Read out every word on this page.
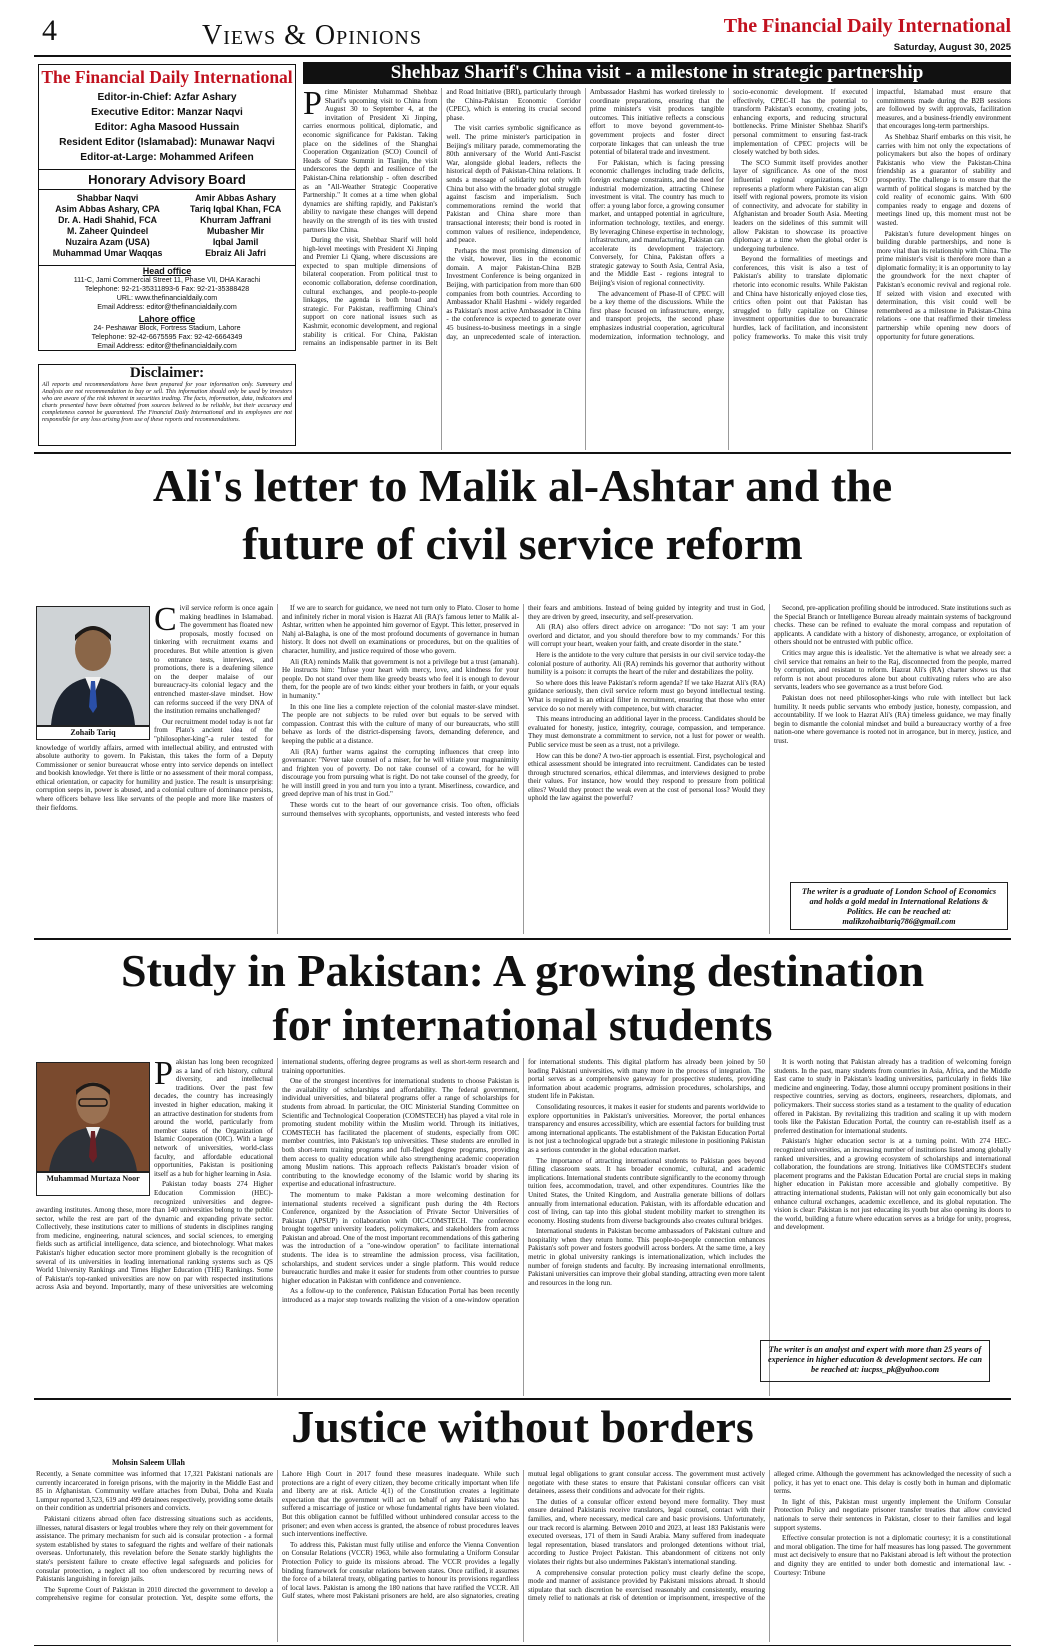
4	Views & Opinions	The Financial Daily International
Saturday, August 30, 2025
The Financial Daily International
Editor-in-Chief: Azfar Ashary
Executive Editor: Manzar Naqvi
Editor: Agha Masood Hussain
Resident Editor (Islamabad): Munawar Naqvi
Editor-at-Large: Mohammed Arifeen
Honorary Advisory Board
Shabbar Naqvi
Asim Abbas Ashary, CPA
Dr. A. Hadi Shahid, FCA
M. Zaheer Quindeel
Nuzaira Azam (USA)
Muhammad Umar Waqqas
Amir Abbas Ashary
Tariq Iqbal Khan, FCA
Khurram Jaffrani
Mubasher Mir
Iqbal Jamil
Ebraiz Ali Jafri
Head office
111-C, Jami Commercial Street 11, Phase VII, DHA Karachi
Telephone: 92-21-35311893-6 Fax: 92-21-35388428
URL: www.thefinancialdaily.com
Email Address: editor@thefinancialdaily.com
Lahore office
24- Peshawar Block, Fortress Stadium, Lahore
Telephone: 92-42-6675595 Fax: 92-42-6664349
Email Address: editor@thefinancialdaily.com
Disclaimer:
All reports and recommendations have been prepared for your information only. Summary and Analysis are not recommendation to buy or sell. This information should only be used by investors who are aware of the risk inherent in securities trading. The facts, information, data, indicators and charts presented have been obtained from sources believed to be reliable, but their accuracy and completeness cannot be guaranteed. The Financial Daily International and its employees are not responsible for any loss arising from use of these reports and recommendations.
Shehbaz Sharif's China visit - a milestone in strategic partnership

Prime Minister Muhammad Shehbaz Sharif's upcoming visit to China from August 30 to September 4, at the invitation of President Xi Jinping, carries enormous political, diplomatic, and economic significance for Pakistan. Taking place on the sidelines of the Shanghai Cooperation Organization (SCO) Council of Heads of State Summit in Tianjin, the visit underscores the depth and resilience of the Pakistan-China relationship - often described as an "All-Weather Strategic Cooperative Partnership." It comes at a time when global dynamics are shifting rapidly, and Pakistan's ability to navigate these changes will depend heavily on the strength of its ties with trusted partners like China.

During the visit, Shehbaz Sharif will hold high-level meetings with President Xi Jinping and Premier Li Qiang, where discussions are expected to span multiple dimensions of bilateral cooperation. From political trust to economic collaboration, defense coordination, cultural exchanges, and people-to-people linkages, the agenda is both broad and strategic. For Pakistan, reaffirming China's support on core national issues such as Kashmir, economic development, and regional stability is critical. For China, Pakistan remains an indispensable partner in its Belt and Road Initiative (BRI), particularly through the China-Pakistan Economic Corridor (CPEC), which is entering its crucial second phase.

The visit carries symbolic significance as well. The prime minister's participation in Beijing's military parade, commemorating the 80th anniversary of the World Anti-Fascist War, alongside global leaders, reflects the historical depth of Pakistan-China relations. It sends a message of solidarity not only with China but also with the broader global struggle against fascism and imperialism. Such commemorations remind the world that Pakistan and China share more than transactional interests; their bond is rooted in common values of resilience, independence, and peace.

Perhaps the most promising dimension of the visit, however, lies in the economic domain. A major Pakistan-China B2B Investment Conference is being organized in Beijing, with participation from more than 600 companies from both countries. According to Ambassador Khalil Hashmi - widely regarded as Pakistan's most active Ambassador in China - the conference is expected to generate over 45 business-to-business meetings in a single day, an unprecedented scale of interaction. Ambassador Hashmi has worked tirelessly to coordinate preparations, ensuring that the prime minister's visit produces tangible outcomes. This initiative reflects a conscious effort to move beyond government-to-government projects and foster direct corporate linkages that can unleash the true potential of bilateral trade and investment.

For Pakistan, which is facing pressing economic challenges including trade deficits, foreign exchange constraints, and the need for industrial modernization, attracting Chinese investment is vital. The country has much to offer: a young labor force, a growing consumer market, and untapped potential in agriculture, information technology, textiles, and energy. By leveraging Chinese expertise in technology, infrastructure, and manufacturing, Pakistan can accelerate its development trajectory. Conversely, for China, Pakistan offers a strategic gateway to South Asia, Central Asia, and the Middle East - regions integral to Beijing's vision of regional connectivity.

The advancement of Phase-II of CPEC will be a key theme of the discussions. While the first phase focused on infrastructure, energy, and transport projects, the second phase emphasizes industrial cooperation, agricultural modernization, information technology, and socio-economic development. If executed effectively, CPEC-II has the potential to transform Pakistan's economy, creating jobs, enhancing exports, and reducing structural bottlenecks. Prime Minister Shehbaz Sharif's personal commitment to ensuring fast-track implementation of CPEC projects will be closely watched by both sides.

The SCO Summit itself provides another layer of significance. As one of the most influential regional organizations, SCO represents a platform where Pakistan can align itself with regional powers, promote its vision of connectivity, and advocate for stability in Afghanistan and broader South Asia. Meeting leaders on the sidelines of this summit will allow Pakistan to showcase its proactive diplomacy at a time when the global order is undergoing turbulence.

Beyond the formalities of meetings and conferences, this visit is also a test of Pakistan's ability to translate diplomatic rhetoric into economic results. While Pakistan and China have historically enjoyed close ties, critics often point out that Pakistan has struggled to fully capitalize on Chinese investment opportunities due to bureaucratic hurdles, lack of facilitation, and inconsistent policy frameworks. To make this visit truly impactful, Islamabad must ensure that commitments made during the B2B sessions are followed by swift approvals, facilitation measures, and a business-friendly environment that encourages long-term partnerships.

As Shehbaz Sharif embarks on this visit, he carries with him not only the expectations of policymakers but also the hopes of ordinary Pakistanis who view the Pakistan-China friendship as a guarantor of stability and prosperity. The challenge is to ensure that the warmth of political slogans is matched by the cold reality of economic gains. With 600 companies ready to engage and dozens of meetings lined up, this moment must not be wasted.

Pakistan's future development hinges on building durable partnerships, and none is more vital than its relationship with China. The prime minister's visit is therefore more than a diplomatic formality; it is an opportunity to lay the groundwork for the next chapter of Pakistan's economic revival and regional role. If seized with vision and executed with determination, this visit could well be remembered as a milestone in Pakistan-China relations - one that reaffirmed their timeless partnership while opening new doors of opportunity for future generations.

Ali's letter to Malik al-Ashtar and the
future of civil service reform
Zohaib Tariq

Civil service reform is once again making headlines in Islamabad. The government has floated new proposals, mostly focused on tinkering with recruitment exams and procedures. But while attention is given to entrance tests, interviews, and promotions, there is a deafening silence on the deeper malaise of our bureaucracy-its colonial legacy and the entrenched master-slave mindset. How can reforms succeed if the very DNA of the institution remains unchallenged?

Our recruitment model today is not far from Plato's ancient idea of the "philosopher-king"-a ruler tested for knowledge of worldly affairs, armed with intellectual ability, and entrusted with absolute authority to govern. In Pakistan, this takes the form of a Deputy Commissioner or senior bureaucrat whose entry into service depends on intellect and bookish knowledge. Yet there is little or no assessment of their moral compass, ethical orientation, or capacity for humility and justice. The result is unsurprising: corruption seeps in, power is abused, and a colonial culture of dominance persists, where officers behave less like servants of the people and more like masters of their fiefdoms.

If we are to search for guidance, we need not turn only to Plato. Closer to home and infinitely richer in moral vision is Hazrat Ali (RA)'s famous letter to Malik al-Ashtar, written when he appointed him governor of Egypt. This letter, preserved in Nahj al-Balagha, is one of the most profound documents of governance in human history. It does not dwell on examinations or procedures, but on the qualities of character, humility, and justice required of those who govern.

Ali (RA) reminds Malik that government is not a privilege but a trust (amanah). He instructs him: "Infuse your heart with mercy, love, and kindness for your people. Do not stand over them like greedy beasts who feel it is enough to devour them, for the people are of two kinds: either your brothers in faith, or your equals in humanity."

In this one line lies a complete rejection of the colonial master-slave mindset. The people are not subjects to be ruled over but equals to be served with compassion. Contrast this with the culture of many of our bureaucrats, who still behave as lords of the district-dispensing favors, demanding deference, and keeping the public at a distance.

Ali (RA) further warns against the corrupting influences that creep into governance: "Never take counsel of a miser, for he will vitiate your magnanimity and frighten you of poverty. Do not take counsel of a coward, for he will discourage you from pursuing what is right. Do not take counsel of the greedy, for he will instill greed in you and turn you into a tyrant. Miserliness, cowardice, and greed deprive man of his trust in God."

These words cut to the heart of our governance crisis. Too often, officials surround themselves with sycophants, opportunists, and vested interests who feed their fears and ambitions. Instead of being guided by integrity and trust in God, they are driven by greed, insecurity, and self-preservation.

Ali (RA) also offers direct advice on arrogance: "Do not say: 'I am your overlord and dictator, and you should therefore bow to my commands.' For this will corrupt your heart, weaken your faith, and create disorder in the state."

Here is the antidote to the very culture that persists in our civil service today-the colonial posture of authority. Ali (RA) reminds his governor that authority without humility is a poison: it corrupts the heart of the ruler and destabilizes the polity.

So where does this leave Pakistan's reform agenda? If we take Hazrat Ali's (RA) guidance seriously, then civil service reform must go beyond intellectual testing. What is required is an ethical filter in recruitment, ensuring that those who enter service do so not merely with competence, but with character.

This means introducing an additional layer in the process. Candidates should be evaluated for honesty, justice, integrity, courage, compassion, and temperance. They must demonstrate a commitment to service, not a lust for power or wealth. Public service must be seen as a trust, not a privilege.

How can this be done? A two-tier approach is essential. First, psychological and ethical assessment should be integrated into recruitment. Candidates can be tested through structured scenarios, ethical dilemmas, and interviews designed to probe their values. For instance, how would they respond to pressure from political elites? Would they protect the weak even at the cost of personal loss? Would they uphold the law against the powerful?

Second, pre-application profiling should be introduced. State institutions such as the Special Branch or Intelligence Bureau already maintain systems of background checks. These can be refined to evaluate the moral compass and reputation of applicants. A candidate with a history of dishonesty, arrogance, or exploitation of others should not be entrusted with public office.

Critics may argue this is idealistic. Yet the alternative is what we already see: a civil service that remains an heir to the Raj, disconnected from the people, marred by corruption, and resistant to reform. Hazrat Ali's (RA) charter shows us that reform is not about procedures alone but about cultivating rulers who are also servants, leaders who see governance as a trust before God.

Pakistan does not need philosopher-kings who rule with intellect but lack humility. It needs public servants who embody justice, honesty, compassion, and accountability. If we look to Hazrat Ali's (RA) timeless guidance, we may finally begin to dismantle the colonial mindset and build a bureaucracy worthy of a free nation-one where governance is rooted not in arrogance, but in mercy, justice, and trust.

The writer is a graduate of London School of Economics and holds a gold medal in International Relations & Politics. He can be reached at: malikzohaibtariq786@gmail.com
Study in Pakistan: A growing destination
for international students
Muhammad Murtaza Noor

Pakistan has long been recognized as a land of rich history, cultural diversity, and intellectual traditions. Over the past few decades, the country has increasingly invested in higher education, making it an attractive destination for students from around the world, particularly from member states of the Organization of Islamic Cooperation (OIC). With a large network of universities, world-class faculty, and affordable educational opportunities, Pakistan is positioning itself as a hub for higher learning in Asia.

Pakistan today boasts 274 Higher Education Commission (HEC)-recognized universities and degree-awarding institutes. Among these, more than 140 universities belong to the public sector, while the rest are part of the dynamic and expanding private sector. Collectively, these institutions cater to millions of students in disciplines ranging from medicine, engineering, natural sciences, and social sciences, to emerging fields such as artificial intelligence, data science, and biotechnology. What makes Pakistan's higher education sector more prominent globally is the recognition of several of its universities in leading international ranking systems such as QS World University Rankings and Times Higher Education (THE) Rankings. Some of Pakistan's top-ranked universities are now on par with respected institutions across Asia and beyond. Importantly, many of these universities are welcoming international students, offering degree programs as well as short-term research and training opportunities.

One of the strongest incentives for international students to choose Pakistan is the availability of scholarships and affordability. The federal government, individual universities, and bilateral programs offer a range of scholarships for students from abroad. In particular, the OIC Ministerial Standing Committee on Scientific and Technological Cooperation (COMSTECH) has played a vital role in promoting student mobility within the Muslim world. Through its initiatives, COMSTECH has facilitated the placement of students, especially from OIC member countries, into Pakistan's top universities. These students are enrolled in both short-term training programs and full-fledged degree programs, providing them access to quality education while also strengthening academic cooperation among Muslim nations. This approach reflects Pakistan's broader vision of contributing to the knowledge economy of the Islamic world by sharing its expertise and educational infrastructure.

The momentum to make Pakistan a more welcoming destination for international students received a significant push during the 4th Rectors Conference, organized by the Association of Private Sector Universities of Pakistan (APSUP) in collaboration with OIC-COMSTECH. The conference brought together university leaders, policymakers, and stakeholders from across Pakistan and abroad. One of the most important recommendations of this gathering was the introduction of a "one-window operation" to facilitate international students. The idea is to streamline the admission process, visa facilitation, scholarships, and student services under a single platform. This would reduce bureaucratic hurdles and make it easier for students from other countries to pursue higher education in Pakistan with confidence and convenience.

As a follow-up to the conference, Pakistan Education Portal has been recently introduced as a major step towards realizing the vision of a one-window operation for international students. This digital platform has already been joined by 50 leading Pakistani universities, with many more in the process of integration. The portal serves as a comprehensive gateway for prospective students, providing information about academic programs, admission procedures, scholarships, and student life in Pakistan.

Consolidating resources, it makes it easier for students and parents worldwide to explore opportunities in Pakistan's universities. Moreover, the portal enhances transparency and ensures accessibility, which are essential factors for building trust among international applicants. The establishment of the Pakistan Education Portal is not just a technological upgrade but a strategic milestone in positioning Pakistan as a serious contender in the global education market.

The importance of attracting international students to Pakistan goes beyond filling classroom seats. It has broader economic, cultural, and academic implications. International students contribute significantly to the economy through tuition fees, accommodation, travel, and other expenditures. Countries like the United States, the United Kingdom, and Australia generate billions of dollars annually from international education. Pakistan, with its affordable education and cost of living, can tap into this global student mobility market to strengthen its economy. Hosting students from diverse backgrounds also creates cultural bridges.

International students in Pakistan become ambassadors of Pakistani culture and hospitality when they return home. This people-to-people connection enhances Pakistan's soft power and fosters goodwill across borders. At the same time, a key metric in global university rankings is internationalization, which includes the number of foreign students and faculty. By increasing international enrollments, Pakistani universities can improve their global standing, attracting even more talent and resources in the long run.

It is worth noting that Pakistan already has a tradition of welcoming foreign students. In the past, many students from countries in Asia, Africa, and the Middle East came to study in Pakistan's leading universities, particularly in fields like medicine and engineering. Today, those alumni occupy prominent positions in their respective countries, serving as doctors, engineers, researchers, diplomats, and policymakers. Their success stories stand as a testament to the quality of education offered in Pakistan. By revitalizing this tradition and scaling it up with modern tools like the Pakistan Education Portal, the country can re-establish itself as a preferred destination for international students.

Pakistan's higher education sector is at a turning point. With 274 HEC-recognized universities, an increasing number of institutions listed among globally ranked universities, and a growing ecosystem of scholarships and international collaboration, the foundations are strong. Initiatives like COMSTECH's student placement programs and the Pakistan Education Portal are crucial steps in making higher education in Pakistan more accessible and globally competitive. By attracting international students, Pakistan will not only gain economically but also enhance cultural exchanges, academic excellence, and its global reputation. The vision is clear: Pakistan is not just educating its youth but also opening its doors to the world, building a future where education serves as a bridge for unity, progress, and development.

The writer is an analyst and expert with more than 25 years of experience in higher education & development sectors. He can be reached at: iucpss_pk@yahoo.com
Justice without borders
Mohsin Saleem Ullah

Recently, a Senate committee was informed that 17,321 Pakistani nationals are currently incarcerated in foreign prisons, with the majority in the Middle East and 85 in Afghanistan. Community welfare attaches from Dubai, Doha and Kuala Lumpur reported 3,523, 619 and 499 detainees respectively, providing some details on their condition as undertrial prisoners and convicts.

Pakistani citizens abroad often face distressing situations such as accidents, illnesses, natural disasters or legal troubles where they rely on their government for assistance. The primary mechanism for such aid is consular protection - a formal system established by states to safeguard the rights and welfare of their nationals overseas. Unfortunately, this revelation before the Senate starkly highlights the state's persistent failure to create effective legal safeguards and policies for consular protection, a neglect all too often underscored by recurring news of Pakistanis languishing in foreign jails.

The Supreme Court of Pakistan in 2010 directed the government to develop a comprehensive regime for consular protection. Yet, despite some efforts, the Lahore High Court in 2017 found these measures inadequate. While such protections are a right of every citizen, they become critically important when life and liberty are at risk. Article 4(1) of the Constitution creates a legitimate expectation that the government will act on behalf of any Pakistani who has suffered a miscarriage of justice or whose fundamental rights have been violated. But this obligation cannot be fulfilled without unhindered consular access to the prisoner; and even when access is granted, the absence of robust procedures leaves such interventions ineffective.

To address this, Pakistan must fully utilise and enforce the Vienna Convention on Consular Relations (VCCR) 1963, while also formulating a Uniform Consular Protection Policy to guide its missions abroad. The VCCR provides a legally binding framework for consular relations between states. Once ratified, it assumes the force of a bilateral treaty, obligating parties to honour its provisions regardless of local laws. Pakistan is among the 180 nations that have ratified the VCCR. All Gulf states, where most Pakistani prisoners are held, are also signatories, creating mutual legal obligations to grant consular access. The government must actively negotiate with these states to ensure that Pakistani consular officers can visit detainees, assess their conditions and advocate for their rights.

The duties of a consular officer extend beyond mere formality. They must ensure detained Pakistanis receive translators, legal counsel, contact with their families, and, where necessary, medical care and basic provisions. Unfortunately, our track record is alarming. Between 2010 and 2023, at least 183 Pakistanis were executed overseas, 171 of them in Saudi Arabia. Many suffered from inadequate legal representation, biased translators and prolonged detentions without trial, according to Justice Project Pakistan. This abandonment of citizens not only violates their rights but also undermines Pakistan's international standing.

A comprehensive consular protection policy must clearly define the scope, mode and manner of assistance provided by Pakistani missions abroad. It should stipulate that such discretion be exercised reasonably and consistently, ensuring timely relief to nationals at risk of detention or imprisonment, irrespective of the alleged crime. Although the government has acknowledged the necessity of such a policy, it has yet to enact one. This delay is costly both in human and diplomatic terms.

In light of this, Pakistan must urgently implement the Uniform Consular Protection Policy and negotiate prisoner transfer treaties that allow convicted nationals to serve their sentences in Pakistan, closer to their families and legal support systems.

Effective consular protection is not a diplomatic courtesy; it is a constitutional and moral obligation. The time for half measures has long passed. The government must act decisively to ensure that no Pakistani abroad is left without the protection and dignity they are entitled to under both domestic and international law. -Courtesy: Tribune
